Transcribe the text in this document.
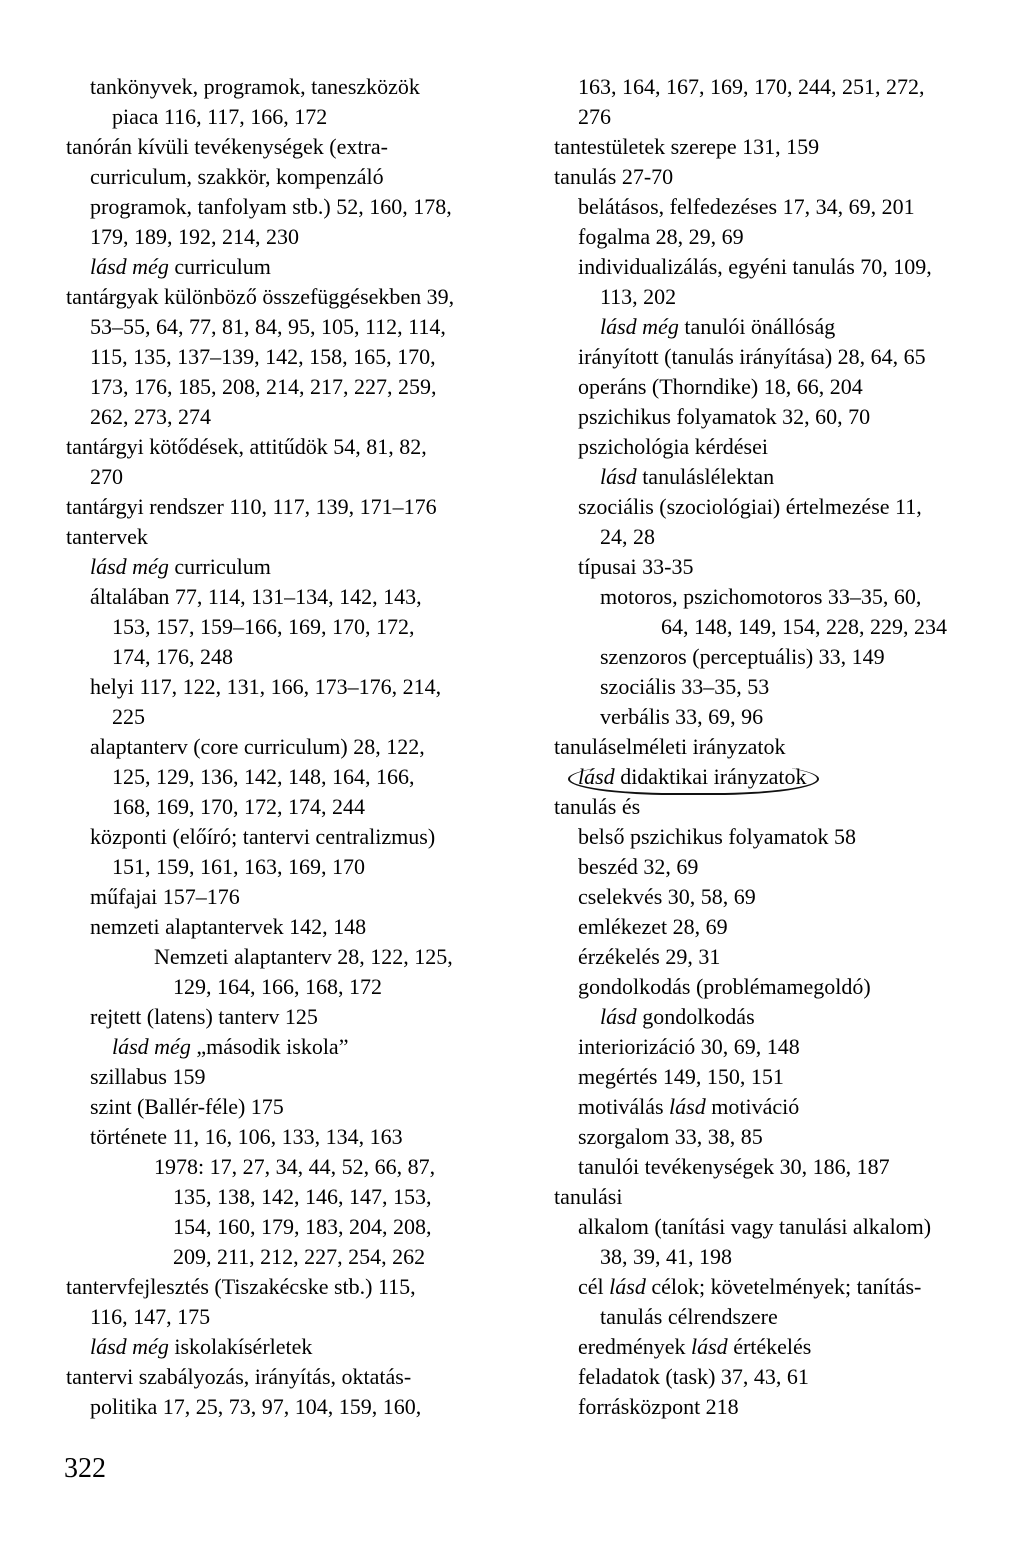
tankönyvek, programok, taneszközök
piaca 116, 117, 166, 172
tanórán kívüli tevékenységek (extra-
curriculum, szakkör, kompenzáló
programok, tanfolyam stb.) 52, 160, 178,
179, 189, 192, 214, 230
lásd még curriculum
tantárgyak különböző összefüggésekben 39,
53–55, 64, 77, 81, 84, 95, 105, 112, 114,
115, 135, 137–139, 142, 158, 165, 170,
173, 176, 185, 208, 214, 217, 227, 259,
262, 273, 274
tantárgyi kötődések, attitűdök 54, 81, 82,
270
tantárgyi rendszer 110, 117, 139, 171–176
tantervek
lásd még curriculum
általában 77, 114, 131–134, 142, 143,
153, 157, 159–166, 169, 170, 172,
174, 176, 248
helyi 117, 122, 131, 166, 173–176, 214,
225
alaptanterv (core curriculum) 28, 122,
125, 129, 136, 142, 148, 164, 166,
168, 169, 170, 172, 174, 244
központi (előíró; tantervi centralizmus)
151, 159, 161, 163, 169, 170
műfajai 157–176
nemzeti alaptantervek 142, 148
Nemzeti alaptanterv 28, 122, 125,
129, 164, 166, 168, 172
rejtett (latens) tanterv 125
lásd még „második iskola”
szillabus 159
szint (Ballér-féle) 175
története 11, 16, 106, 133, 134, 163
1978: 17, 27, 34, 44, 52, 66, 87,
135, 138, 142, 146, 147, 153,
154, 160, 179, 183, 204, 208,
209, 211, 212, 227, 254, 262
tantervfejlesztés (Tiszakécske stb.) 115,
116, 147, 175
lásd még iskolakísérletek
tantervi szabályozás, irányítás, oktatás-
politika 17, 25, 73, 97, 104, 159, 160,
163, 164, 167, 169, 170, 244, 251, 272,
276
tantestületek szerepe 131, 159
tanulás 27-70
belátásos, felfedezéses 17, 34, 69, 201
fogalma 28, 29, 69
individualizálás, egyéni tanulás 70, 109,
113, 202
lásd még tanulói önállóság
irányított (tanulás irányítása) 28, 64, 65
operáns (Thorndike) 18, 66, 204
pszichikus folyamatok 32, 60, 70
pszichológia kérdései
lásd tanuláslélektan
szociális (szociológiai) értelmezése 11,
24, 28
típusai 33-35
motoros, pszichomotoros 33–35, 60,
64, 148, 149, 154, 228, 229, 234
szenzoros (perceptuális) 33, 149
szociális 33–35, 53
verbális 33, 69, 96
tanuláselméleti irányzatok
lásd didaktikai irányzatok
tanulás és
belső pszichikus folyamatok 58
beszéd 32, 69
cselekvés 30, 58, 69
emlékezet 28, 69
érzékelés 29, 31
gondolkodás (problémamegoldó)
lásd gondolkodás
interiorizáció 30, 69, 148
megértés 149, 150, 151
motiválás lásd motiváció
szorgalom 33, 38, 85
tanulói tevékenységek 30, 186, 187
tanulási
alkalom (tanítási vagy tanulási alkalom)
38, 39, 41, 198
cél lásd célok; követelmények; tanítás-
tanulás célrendszere
eredmények lásd értékelés
feladatok (task) 37, 43, 61
forrásközpont 218
322
